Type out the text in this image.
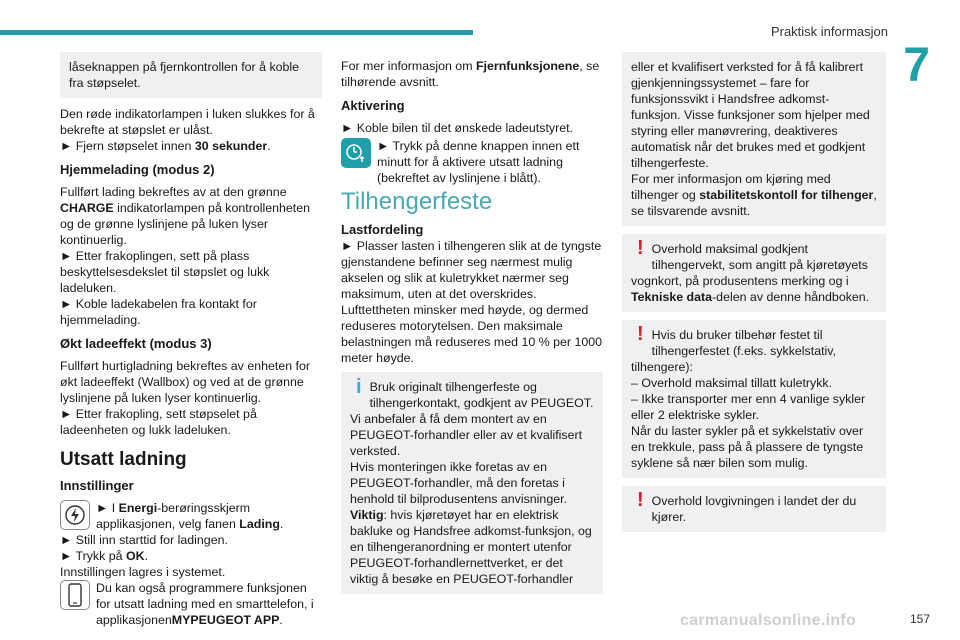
Praktisk informasjon
7
låseknappen på fjernkontrollen for å koble fra støpselet.

Den røde indikatorlampen i luken slukkes for å bekrefte at støpslet er ulåst.
► Fjern støpselet innen 30 sekunder.

Hjemmelading (modus 2)

Fullført lading bekreftes av at den grønne CHARGE indikatorlampen på kontrollenheten og de grønne lyslinjene på luken lyser kontinuerlig.
► Etter frakoplingen, sett på plass beskyttelsesdekslet til støpslet og lukk ladeluken.
► Koble ladekabelen fra kontakt for hjemmelading.

Økt ladeeffekt (modus 3)

Fullført hurtigladning bekreftes av enheten for økt ladeeffekt (Wallbox) og ved at de grønne lyslinjene på luken lyser kontinuerlig.
► Etter frakopling, sett støpselet på ladeenheten og lukk ladeluken.

Utsatt ladning
Innstillinger
► I Energi-berøringsskjerm applikasjonen, velg fanen Lading.

► Still inn starttid for ladingen.
► Trykk på OK.
Innstillingen lagres i systemet.

Du kan også programmere funksjonen for utsatt ladning med en smarttelefon, i applikasjonenMYPEUGEOT APP.

For mer informasjon om Fjernfunksjonene, se tilhørende avsnitt.

Aktivering

► Koble bilen til det ønskede ladeutstyret.

► Trykk på denne knappen innen ett minutt for å aktivere utsatt ladning (bekreftet av lyslinjene i blått).
Tilhengerfeste
Lastfordeling

► Plasser lasten i tilhengeren slik at de tyngste gjenstandene befinner seg nærmest mulig akselen og slik at kuletrykket nærmer seg maksimum, uten at det overskrides.
Lufttettheten minsker med høyde, og dermed reduseres motorytelsen. Den maksimale belastningen må reduseres med 10 % per 1000 meter høyde.

i Bruk originalt tilhengerfeste og tilhengerkontakt, godkjent av PEUGEOT.

Vi anbefaler å få dem montert av en PEUGEOT-forhandler eller av et kvalifisert verksted.

Hvis monteringen ikke foretas av en PEUGEOT-forhandler, må den foretas i henhold til bilprodusentens anvisninger.

Viktig: hvis kjøretøyet har en elektrisk bakluke og Handsfree adkomst-funksjon, og en tilhengeranordning er montert utenfor PEUGEOT-forhandlernettverket, er det viktig å besøke en PEUGEOT-forhandler

eller et kvalifisert verksted for å få kalibrert gjenkjenningssystemet – fare for funksjonssvikt i Handsfree adkomst-funksjon. Visse funksjoner som hjelper med styring eller manøvrering, deaktiveres automatisk når det brukes med et godkjent tilhengerfeste.

For mer informasjon om kjøring med tilhenger og stabilitetskontoll for tilhenger, se tilsvarende avsnitt.

! Overhold maksimal godkjent tilhengervekt, som angitt på kjøretøyets vognkort, på produsentens merking og i Tekniske data-delen av denne håndboken.
! Hvis du bruker tilbehør festet til tilhengerfestet (f.eks. sykkelstativ, tilhengere):

– Overhold maksimal tillatt kuletrykk.

– Ikke transporter mer enn 4 vanlige sykler eller 2 elektriske sykler.

Når du laster sykler på et sykkelstativ over en trekkule, pass på å plassere de tyngste syklene så nær bilen som mulig.

! Overhold lovgivningen i landet der du kjører.
carmanualsonline.info	157
